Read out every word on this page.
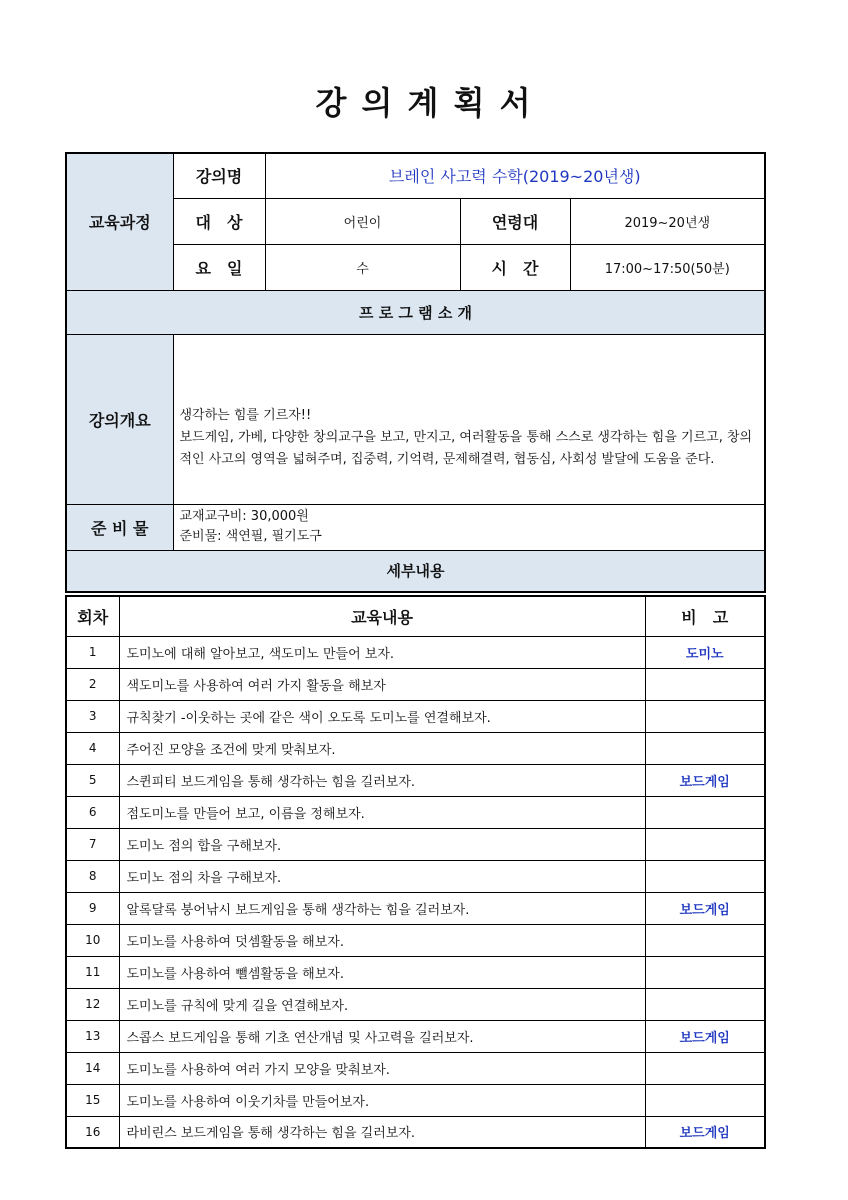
강 의 계 획 서
교육과정	강의명	브레인 사고력 수학(2019~20년생)		
	대　상	어린이	연령대	2019~20년생
	요　일	수	시　간	17:00~17:50(50분)
프 로 그 램 소 개				
강의개요	생각하는 힘를 기르자!!

보드게임, 가베, 다양한 창의교구을 보고, 만지고, 여러활동을 통해 스스로 생각하는 힘을 기르고, 창의적인 사고의 영역을 넓혀주며, 집중력, 기억력, 문제해결력, 협동심, 사회성 발달에 도움을 준다.			

준 비 물	교재교구비: 30,000원
준비물: 색연필, 필기도구			

세부내용				
회차	교육내용	비　고
1	도미노에 대해 알아보고, 색도미노 만들어 보자.	도미노
2	색도미노를 사용하여 여러 가지 활동을 해보자	
3	규칙찾기 -이웃하는 곳에 같은 색이 오도록 도미노를 연결해보자.	
4	주어진 모양을 조건에 맞게 맞춰보자.	
5	스퀸피티 보드게임을 통해 생각하는 힘을 길러보자.	보드게임
6	점도미노를 만들어 보고, 이름을 정해보자.	
7	도미노 점의 합을 구해보자.	
8	도미노 점의 차을 구해보자.	
9	알록달록 붕어낚시 보드게임을 통해 생각하는 힘을 길러보자.	보드게임
10	도미노를 사용하여 덧셈활동을 해보자.	
11	도미노를 사용하여 뺄셈활동을 해보자.	
12	도미노를 규칙에 맞게 길을 연결해보자.	
13	스콥스 보드게임을 통해 기초 연산개념 및 사고력을 길러보자.	보드게임
14	도미노를 사용하여 여러 가지 모양을 맞춰보자.	
15	도미노를 사용하여 이웃기차를 만들어보자.	
16	라비린스 보드게임을 통해 생각하는 힘을 길러보자.	보드게임
